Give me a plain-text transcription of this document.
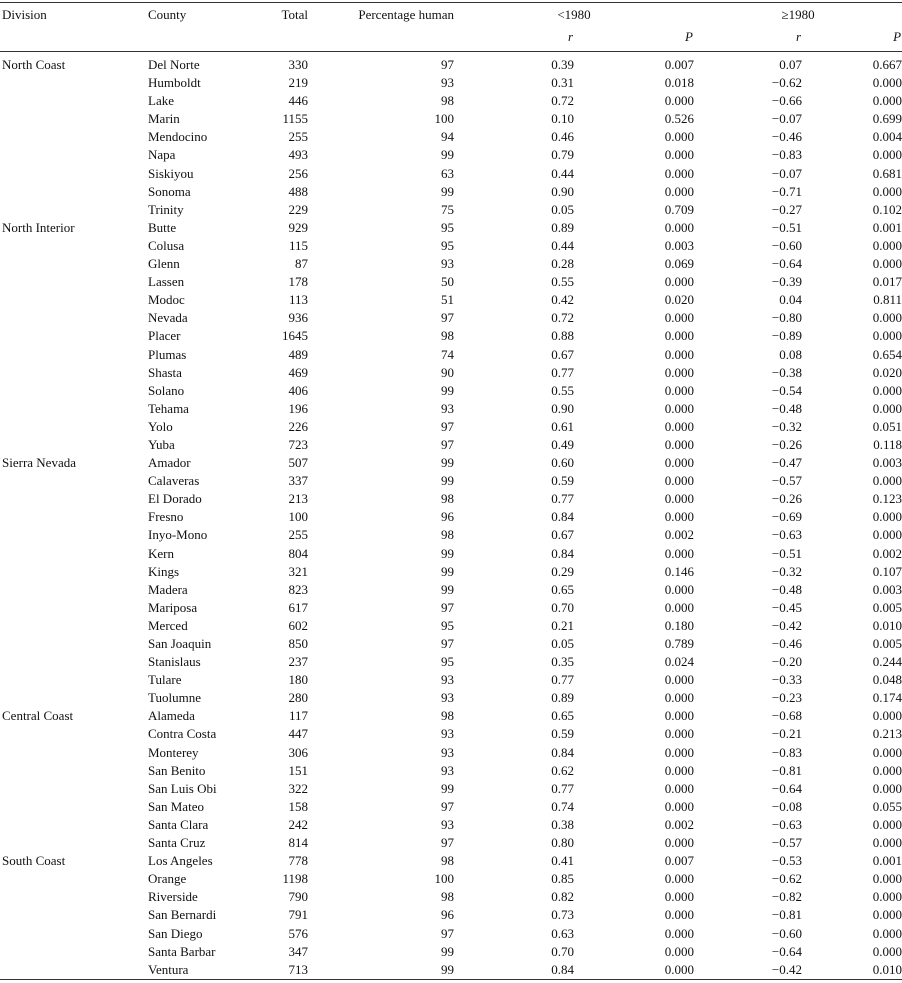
Division	County	Total	Percentage human	<1980		≥1980	
				r	P	r	P
North Coast	Del Norte	330	97	0.39	0.007	0.07	0.667
	Humboldt	219	93	0.31	0.018	−0.62	0.000
	Lake	446	98	0.72	0.000	−0.66	0.000
	Marin	1155	100	0.10	0.526	−0.07	0.699
	Mendocino	255	94	0.46	0.000	−0.46	0.004
	Napa	493	99	0.79	0.000	−0.83	0.000
	Siskiyou	256	63	0.44	0.000	−0.07	0.681
	Sonoma	488	99	0.90	0.000	−0.71	0.000
	Trinity	229	75	0.05	0.709	−0.27	0.102
North Interior	Butte	929	95	0.89	0.000	−0.51	0.001
	Colusa	115	95	0.44	0.003	−0.60	0.000
	Glenn	87	93	0.28	0.069	−0.64	0.000
	Lassen	178	50	0.55	0.000	−0.39	0.017
	Modoc	113	51	0.42	0.020	0.04	0.811
	Nevada	936	97	0.72	0.000	−0.80	0.000
	Placer	1645	98	0.88	0.000	−0.89	0.000
	Plumas	489	74	0.67	0.000	0.08	0.654
	Shasta	469	90	0.77	0.000	−0.38	0.020
	Solano	406	99	0.55	0.000	−0.54	0.000
	Tehama	196	93	0.90	0.000	−0.48	0.000
	Yolo	226	97	0.61	0.000	−0.32	0.051
	Yuba	723	97	0.49	0.000	−0.26	0.118
Sierra Nevada	Amador	507	99	0.60	0.000	−0.47	0.003
	Calaveras	337	99	0.59	0.000	−0.57	0.000
	El Dorado	213	98	0.77	0.000	−0.26	0.123
	Fresno	100	96	0.84	0.000	−0.69	0.000
	Inyo-Mono	255	98	0.67	0.002	−0.63	0.000
	Kern	804	99	0.84	0.000	−0.51	0.002
	Kings	321	99	0.29	0.146	−0.32	0.107
	Madera	823	99	0.65	0.000	−0.48	0.003
	Mariposa	617	97	0.70	0.000	−0.45	0.005
	Merced	602	95	0.21	0.180	−0.42	0.010
	San Joaquin	850	97	0.05	0.789	−0.46	0.005
	Stanislaus	237	95	0.35	0.024	−0.20	0.244
	Tulare	180	93	0.77	0.000	−0.33	0.048
	Tuolumne	280	93	0.89	0.000	−0.23	0.174
Central Coast	Alameda	117	98	0.65	0.000	−0.68	0.000
	Contra Costa	447	93	0.59	0.000	−0.21	0.213
	Monterey	306	93	0.84	0.000	−0.83	0.000
	San Benito	151	93	0.62	0.000	−0.81	0.000
	San Luis Obi	322	99	0.77	0.000	−0.64	0.000
	San Mateo	158	97	0.74	0.000	−0.08	0.055
	Santa Clara	242	93	0.38	0.002	−0.63	0.000
	Santa Cruz	814	97	0.80	0.000	−0.57	0.000
South Coast	Los Angeles	778	98	0.41	0.007	−0.53	0.001
	Orange	1198	100	0.85	0.000	−0.62	0.000
	Riverside	790	98	0.82	0.000	−0.82	0.000
	San Bernardi	791	96	0.73	0.000	−0.81	0.000
	San Diego	576	97	0.63	0.000	−0.60	0.000
	Santa Barbar	347	99	0.70	0.000	−0.64	0.000
	Ventura	713	99	0.84	0.000	−0.42	0.010
